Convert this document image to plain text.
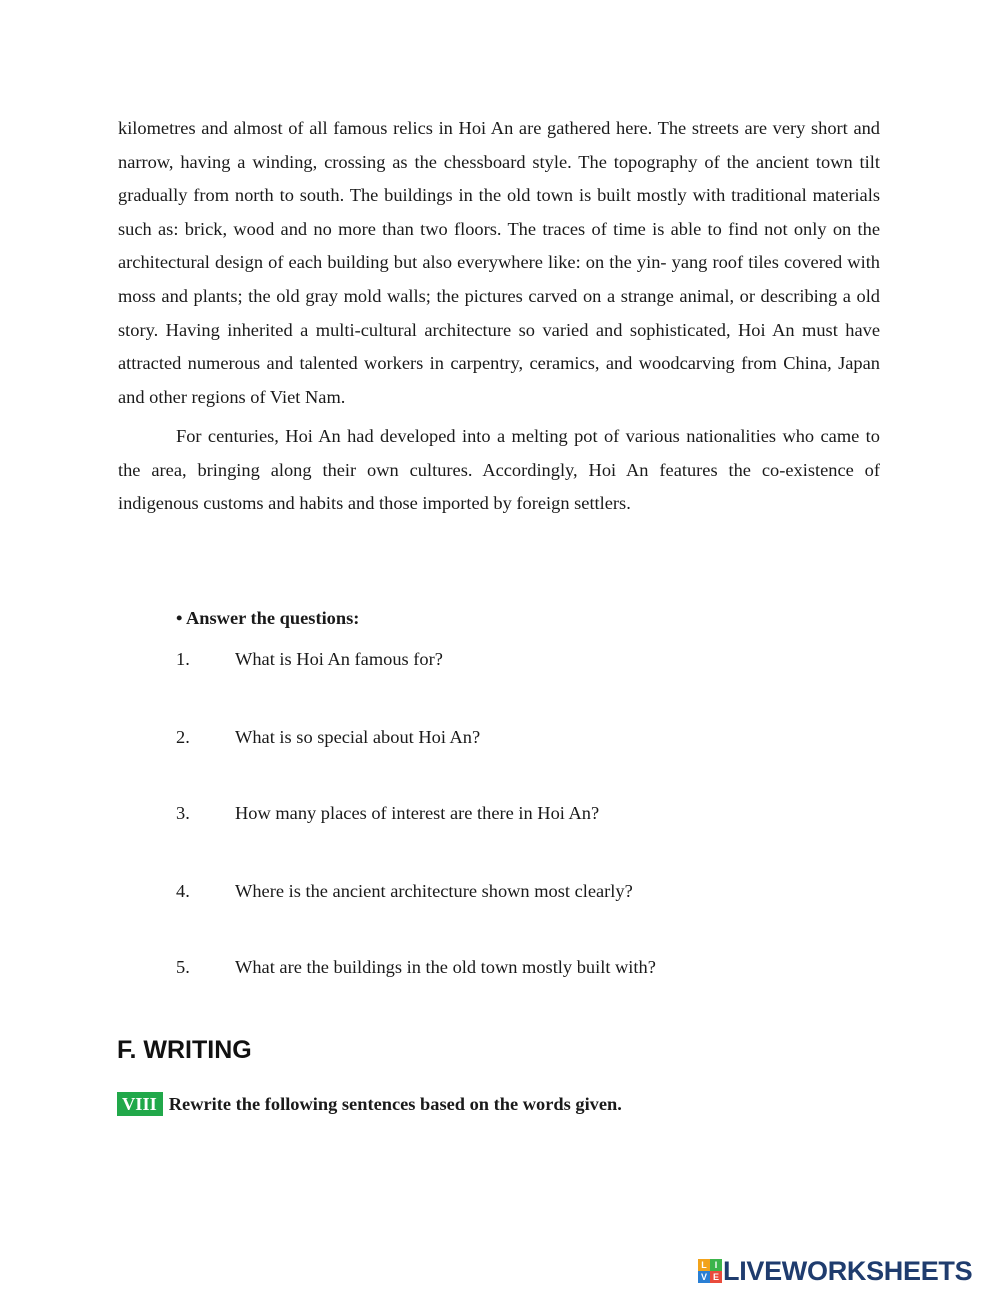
kilometres and almost of all famous relics in Hoi An are gathered here. The streets are very short and narrow, having a winding, crossing as the chessboard style. The topography of the ancient town tilt gradually from north to south. The buildings in the old town is built mostly with traditional materials such as: brick, wood and no more than two floors. The traces of time is able to find not only on the architectural design of each building but also everywhere like: on the yin- yang roof tiles covered with moss and plants; the old gray mold walls; the pictures carved on a strange animal, or describing a old story. Having inherited a multi-cultural architecture so varied and sophisticated, Hoi An must have attracted numerous and talented workers in carpentry, ceramics, and woodcarving from China, Japan and other regions of Viet Nam.

For centuries, Hoi An had developed into a melting pot of various nationalities who came to the area, bringing along their own cultures. Accordingly, Hoi An features the co-existence of indigenous customs and habits and those imported by foreign settlers.

• Answer the questions:

1. What is Hoi An famous for?
2. What is so special about Hoi An?
3. How many places of interest are there in Hoi An?
4. Where is the ancient architecture shown most clearly?
5. What are the buildings in the old town mostly built with?
F. WRITING
VIII Rewrite the following sentences based on the words given.
L I
V E LIVEWORKSHEETS
